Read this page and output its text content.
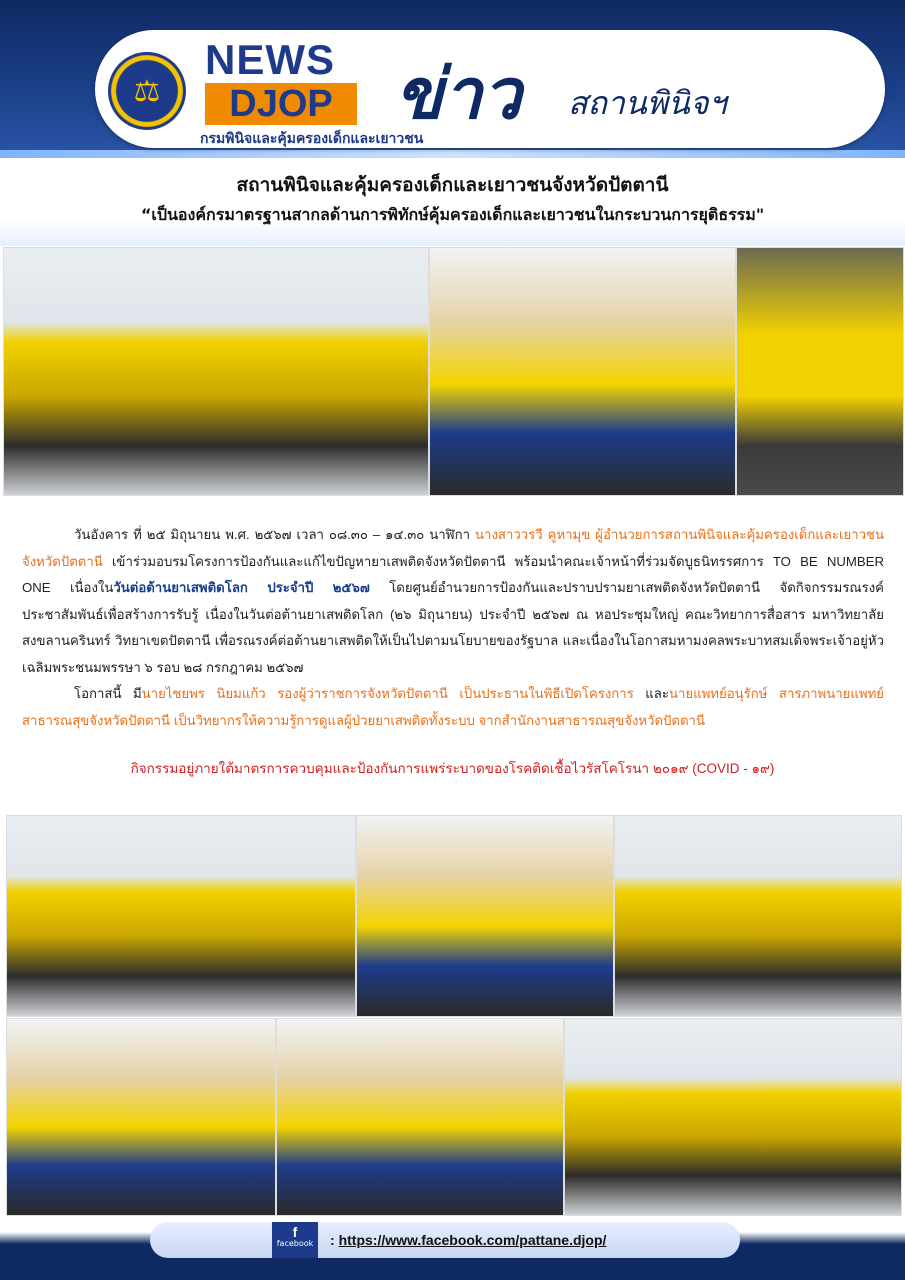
⚖
NEWS
DJOP
กรมพินิจและคุ้มครองเด็กและเยาวชน
ข่าว สถานพินิจฯ
สถานพินิจและคุ้มครองเด็กและเยาวชนจังหวัดปัตตานี
“เป็นองค์กรมาตรฐานสากลด้านการพิทักษ์คุ้มครองเด็กและเยาวชนในกระบวนการยุติธรรม"

วันอังคาร ที่ ๒๕ มิถุนายน พ.ศ. ๒๕๖๗ เวลา ๐๘.๓๐ – ๑๔.๓๐ นาฬิกา นางสาววรวี คูหามุข ผู้อำนวยการสถานพินิจและคุ้มครองเด็กและเยาวชนจังหวัดปัตตานี เข้าร่วมอบรมโครงการป้องกันและแก้ไขปัญหายาเสพติดจังหวัดปัตตานี พร้อมนำคณะเจ้าหน้าที่ร่วมจัดบูธนิทรรศการ TO BE NUMBER ONE เนื่องในวันต่อต้านยาเสพติดโลก ประจำปี ๒๕๖๗ โดยศูนย์อำนวยการป้องกันและปราบปรามยาเสพติดจังหวัดปัตตานี จัดกิจกรรมรณรงค์ประชาสัมพันธ์เพื่อสร้างการรับรู้ เนื่องในวันต่อต้านยาเสพติดโลก (๒๖ มิถุนายน) ประจำปี ๒๕๖๗ ณ หอประชุมใหญ่ คณะวิทยาการสื่อสาร มหาวิทยาลัยสงขลานครินทร์ วิทยาเขตปัตตานี เพื่อรณรงค์ต่อต้านยาเสพติดให้เป็นไปตามนโยบายของรัฐบาล และเนื่องในโอกาสมหามงคลพระบาทสมเด็จพระเจ้าอยู่หัวเฉลิมพระชนมพรรษา ๖ รอบ ๒๘ กรกฎาคม ๒๕๖๗

โอกาสนี้ มีนายไชยพร นิยมแก้ว รองผู้ว่าราชการจังหวัดปัตตานี เป็นประธานในพิธีเปิดโครงการ และนายแพทย์อนุรักษ์ สารภาพนายแพทย์สาธารณสุขจังหวัดปัตตานี เป็นวิทยากรให้ความรู้การดูแลผู้ป่วยยาเสพติดทั้งระบบ จากสำนักงานสาธารณสุขจังหวัดปัตตานี

กิจกรรมอยู่ภายใต้มาตรการควบคุมและป้องกันการแพร่ระบาดของโรคติดเชื้อไวรัสโคโรนา ๒๐๑๙ (COVID - ๑๙)
f
facebook	: https://www.facebook.com/pattane.djop/
